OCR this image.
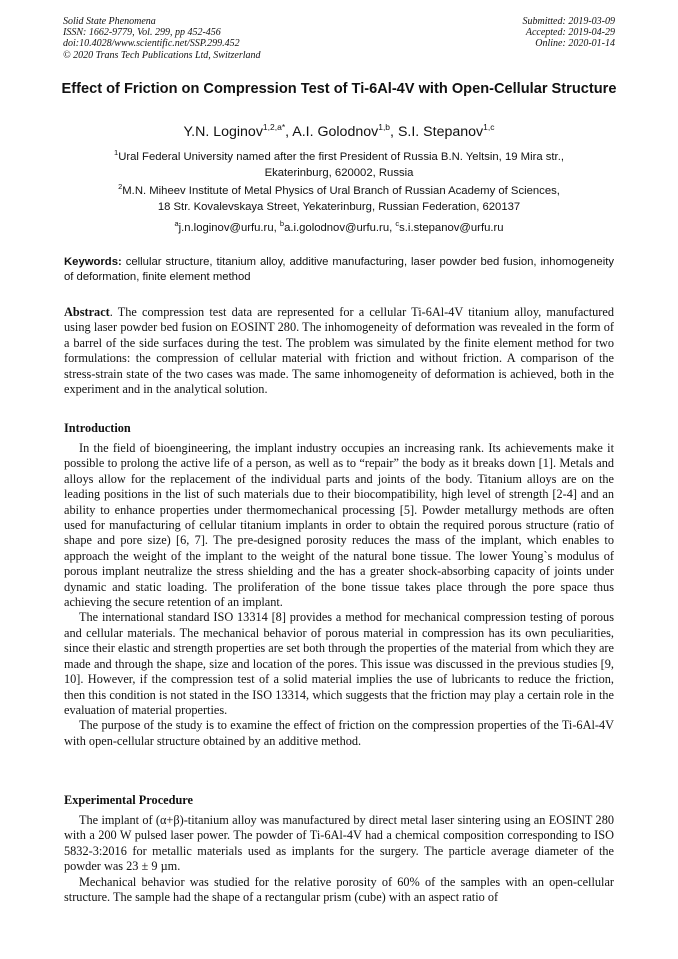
Solid State Phenomena
ISSN: 1662-9779, Vol. 299, pp 452-456
doi:10.4028/www.scientific.net/SSP.299.452
© 2020 Trans Tech Publications Ltd, Switzerland
Submitted: 2019-03-09
Accepted: 2019-04-29
Online: 2020-01-14
Effect of Friction on Compression Test of Ti-6Al-4V with Open-Cellular Structure
Y.N. Loginov$^{1,2,a*}$, A.I. Golodnov$^{1,b}$, S.I. Stepanov$^{1,c}$
$^1$Ural Federal University named after the first President of Russia B.N. Yeltsin, 19 Mira str.,
Ekaterinburg, 620002, Russia
$^2$M.N. Miheev Institute of Metal Physics of Ural Branch of Russian Academy of Sciences,
18 Str. Kovalevskaya Street, Yekaterinburg, Russian Federation, 620137
$^a$j.n.loginov@urfu.ru, $^b$a.i.golodnov@urfu.ru, $^c$s.i.stepanov@urfu.ru
Keywords: cellular structure, titanium alloy, additive manufacturing, laser powder bed fusion, inhomogeneity of deformation, finite element method

Abstract. The compression test data are represented for a cellular Ti-6Al-4V titanium alloy, manufactured using laser powder bed fusion on EOSINT 280. The inhomogeneity of deformation was revealed in the form of a barrel of the side surfaces during the test. The problem was simulated by the finite element method for two formulations: the compression of cellular material with friction and without friction. A comparison of the stress-strain state of the two cases was made. The same inhomogeneity of deformation is achieved, both in the experiment and in the analytical solution.

Introduction

In the field of bioengineering, the implant industry occupies an increasing rank. Its achievements make it possible to prolong the active life of a person, as well as to “repair” the body as it breaks down [1]. Metals and alloys allow for the replacement of the individual parts and joints of the body. Titanium alloys are on the leading positions in the list of such materials due to their biocompatibility, high level of strength [2-4] and an ability to enhance properties under thermomechanical processing [5]. Powder metallurgy methods are often used for manufacturing of cellular titanium implants in order to obtain the required porous structure (ratio of shape and pore size) [6, 7]. The pre-designed porosity reduces the mass of the implant, which enables to approach the weight of the implant to the weight of the natural bone tissue. The lower Young`s modulus of porous implant neutralize the stress shielding and the has a greater shock-absorbing capacity of joints under dynamic and static loading. The proliferation of the bone tissue takes place through the pore space thus achieving the secure retention of an implant.

The international standard ISO 13314 [8] provides a method for mechanical compression testing of porous and cellular materials. The mechanical behavior of porous material in compression has its own peculiarities, since their elastic and strength properties are set both through the properties of the material from which they are made and through the shape, size and location of the pores. This issue was discussed in the previous studies [9, 10]. However, if the compression test of a solid material implies the use of lubricants to reduce the friction, then this condition is not stated in the ISO 13314, which suggests that the friction may play a certain role in the evaluation of material properties.

The purpose of the study is to examine the effect of friction on the compression properties of the Ti-6Al-4V with open-cellular structure obtained by an additive method.

Experimental Procedure

The implant of (α+β)-titanium alloy was manufactured by direct metal laser sintering using an EOSINT 280 with a 200 W pulsed laser power. The powder of Ti-6Al-4V had a chemical composition corresponding to ISO 5832-3:2016 for metallic materials used as implants for the surgery. The particle average diameter of the powder was 23 ± 9 µm.

Mechanical behavior was studied for the relative porosity of 60% of the samples with an open-cellular structure. The sample had the shape of a rectangular prism (cube) with an aspect ratio of
